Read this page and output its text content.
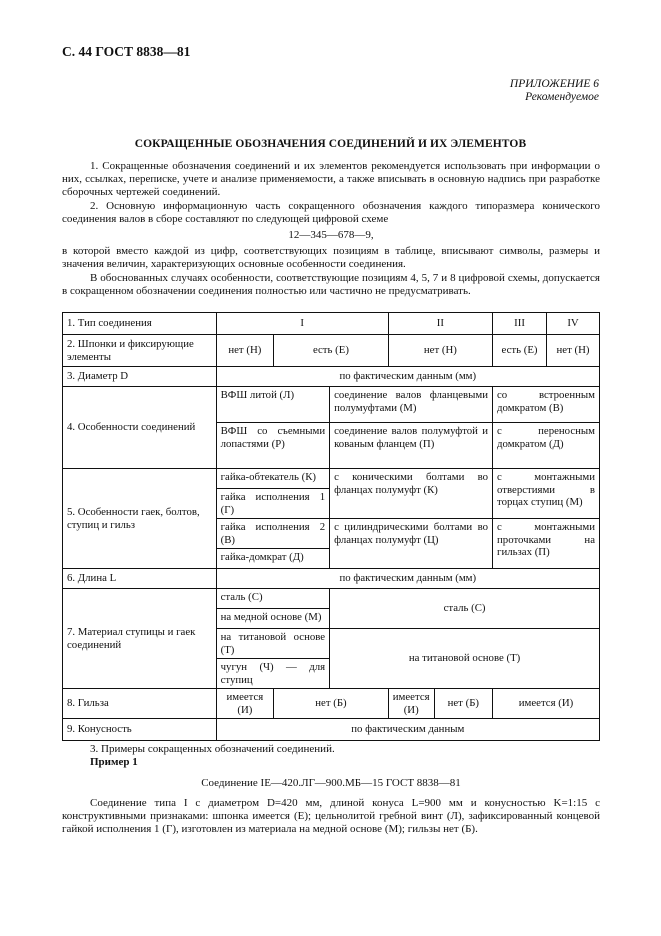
С. 44 ГОСТ 8838—81
ПРИЛОЖЕНИЕ 6
Рекомендуемое
СОКРАЩЕННЫЕ ОБОЗНАЧЕНИЯ СОЕДИНЕНИЙ И ИХ ЭЛЕМЕНТОВ

1. Сокращенные обозначения соединений и их элементов рекомендуется использовать при информации о них, ссылках, переписке, учете и анализе применяемости, а также вписывать в основную надпись при разработке сборочных чертежей соединений.

2. Основную информационную часть сокращенного обозначения каждого типоразмера конического соединения валов в сборе составляют по следующей цифровой схеме

12—345—678—9,

в которой вместо каждой из цифр, соответствующих позициям в таблице, вписывают символы, размеры и значения величин, характеризующих основные особенности соединения.

В обоснованных случаях особенности, соответствующие позициям 4, 5, 7 и 8 цифровой схемы, допускается в сокращенном обозначении соединения полностью или частично не предусматривать.

1. Тип соединения	I			II		III	IV
2. Шпонки и фиксирующие элементы	нет (Н)	есть (Е)		нет (Н)		есть (Е)	нет (Н)
3. Диаметр D	по фактическим данным (мм)						
4. Особенности соединений	ВФШ литой (Л)		соединение валов фланцевыми полумуфтами (М)			со встроенным домкратом (В)	
	ВФШ со съемными лопастями (Р)		соединение валов полумуфтой и кованым фланцем (П)			с переносным домкратом (Д)	
5. Особенности гаек, болтов, ступиц и гильз	гайка-обтекатель (К)		с коническими болтами во фланцах полумуфт (К)			с монтажными отверстиями в торцах ступиц (М)	
	гайка исполнения 1 (Г)						
	гайка исполнения 2 (В)		с цилиндрическими болтами во фланцах полумуфт (Ц)			с монтажными проточками на гильзах (П)	
	гайка-домкрат (Д)						
6. Длина L	по фактическим данным (мм)						
7. Материал ступицы и гаек соединений	сталь (С)		сталь (С)				
	на медной основе (М)						
	на титановой основе (Т)		на титановой основе (Т)				
	чугун (Ч) — для ступиц						
8. Гильза	имеется (И)	нет (Б)		имеется (И)	нет (Б)	имеется (И)	
9. Конусность	по фактическим данным						

3. Примеры сокращенных обозначений соединений.

Пример 1

Соединение IE—420.ЛГ—900.МБ—15 ГОСТ 8838—81

Соединение типа I с диаметром D=420 мм, длиной конуса L=900 мм и конусностью K=1:15 с конструктивными признаками: шпонка имеется (Е); цельнолитой гребной винт (Л), зафиксированный концевой гайкой исполнения 1 (Г), изготовлен из материала на медной основе (М); гильзы нет (Б).
